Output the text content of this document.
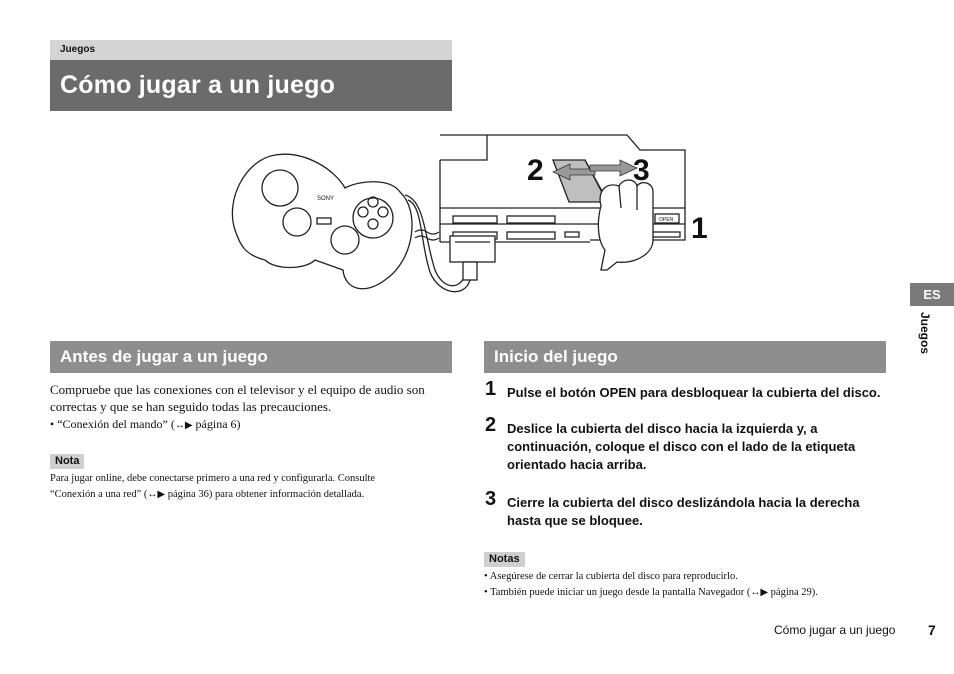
Juegos
Cómo jugar a un juego
2	3
1
OPEN
SONY
Antes de jugar a un juego
Compruebe que las conexiones con el televisor y el equipo de audio son
correctas y que se han seguido todas las precauciones.
• “Conexión del mando” (↔▶ página 6)
Nota
Para jugar online, debe conectarse primero a una red y configurarla. Consulte
“Conexión a una red” (↔▶ página 36) para obtener información detallada.
Inicio del juego
1 Pulse el botón OPEN para desbloquear la cubierta del disco.
2 Deslice la cubierta del disco hacia la izquierda y, a
continuación, coloque el disco con el lado de la etiqueta
orientado hacia arriba.
3 Cierre la cubierta del disco deslizándola hacia la derecha
hasta que se bloquee.
Notas
• Asegúrese de cerrar la cubierta del disco para reproducirlo.
• También puede iniciar un juego desde la pantalla Navegador (↔▶ página 29).
ES
Juegos
Cómo jugar a un juego 7
